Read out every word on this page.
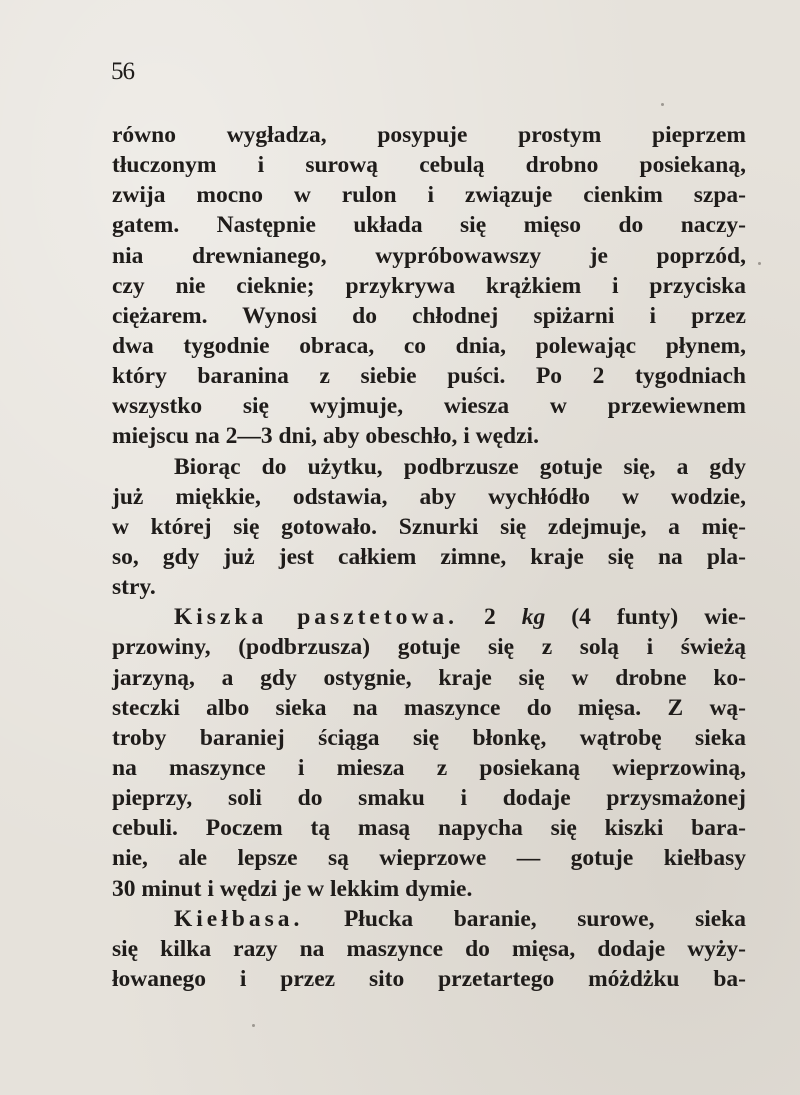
56
równo wygładza, posypuje prostym pieprzem
tłuczonym i surową cebulą drobno posiekaną,
zwija mocno w rulon i związuje cienkim szpa-
gatem. Następnie układa się mięso do naczy-
nia drewnianego, wypróbowawszy je poprzód,
czy nie cieknie; przykrywa krążkiem i przyciska
ciężarem. Wynosi do chłodnej spiżarni i przez
dwa tygodnie obraca, co dnia, polewając płynem,
który baranina z siebie puści. Po 2 tygodniach
wszystko się wyjmuje, wiesza w przewiewnem
miejscu na 2—3 dni, aby obeschło, i wędzi.
Biorąc do użytku, podbrzusze gotuje się, a gdy
już miękkie, odstawia, aby wychłódło w wodzie,
w której się gotowało. Sznurki się zdejmuje, a mię-
so, gdy już jest całkiem zimne, kraje się na pla-
stry.
Kiszka pasztetowa. 2 kg (4 funty) wie-
przowiny, (podbrzusza) gotuje się z solą i świeżą
jarzyną, a gdy ostygnie, kraje się w drobne ko-
steczki albo sieka na maszynce do mięsa. Z wą-
troby baraniej ściąga się błonkę, wątrobę sieka
na maszynce i miesza z posiekaną wieprzowiną,
pieprzy, soli do smaku i dodaje przysmażonej
cebuli. Poczem tą masą napycha się kiszki bara-
nie, ale lepsze są wieprzowe — gotuje kiełbasy
30 minut i wędzi je w lekkim dymie.
Kiełbasa. Płucka baranie, surowe, sieka
się kilka razy na maszynce do mięsa, dodaje wyży-
łowanego i przez sito przetartego móżdżku ba-
